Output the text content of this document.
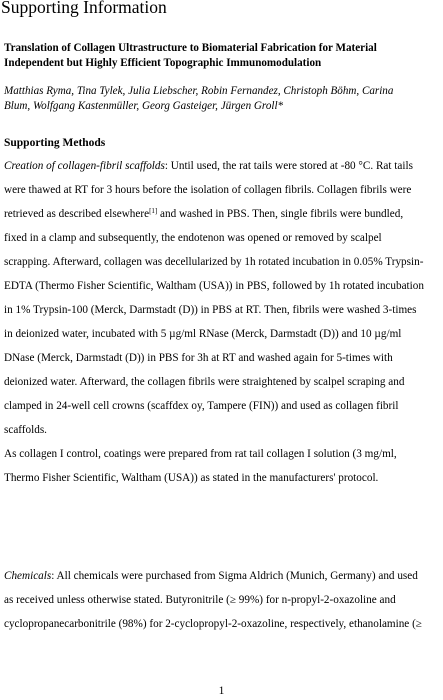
Supporting Information
Translation of Collagen Ultrastructure to Biomaterial Fabrication for Material
Independent but Highly Efficient Topographic Immunomodulation
Matthias Ryma, Tina Tylek, Julia Liebscher, Robin Fernandez, Christoph Böhm, Carina
Blum, Wolfgang Kastenmüller, Georg Gasteiger, Jürgen Groll*
Supporting Methods
Creation of collagen-fibril scaffolds: Until used, the rat tails were stored at -80 °C. Rat tails
were thawed at RT for 3 hours before the isolation of collagen fibrils. Collagen fibrils were
retrieved as described elsewhere[1] and washed in PBS. Then, single fibrils were bundled,
fixed in a clamp and subsequently, the endotenon was opened or removed by scalpel
scrapping. Afterward, collagen was decellularized by 1h rotated incubation in 0.05% Trypsin-
EDTA (Thermo Fisher Scientific, Waltham (USA)) in PBS, followed by 1h rotated incubation
in 1% Trypsin-100 (Merck, Darmstadt (D)) in PBS at RT. Then, fibrils were washed 3-times
in deionized water, incubated with 5 µg/ml RNase (Merck, Darmstadt (D)) and 10 µg/ml
DNase (Merck, Darmstadt (D)) in PBS for 3h at RT and washed again for 5-times with
deionized water. Afterward, the collagen fibrils were straightened by scalpel scraping and
clamped in 24-well cell crowns (scaffdex oy, Tampere (FIN)) and used as collagen fibril
scaffolds.
As collagen I control, coatings were prepared from rat tail collagen I solution (3 mg/ml,
Thermo Fisher Scientific, Waltham (USA)) as stated in the manufacturers' protocol.
Chemicals: All chemicals were purchased from Sigma Aldrich (Munich, Germany) and used
as received unless otherwise stated. Butyronitrile (≥ 99%) for n-propyl-2-oxazoline and
cyclopropanecarbonitrile (98%) for 2-cyclopropyl-2-oxazoline, respectively, ethanolamine (≥
1
